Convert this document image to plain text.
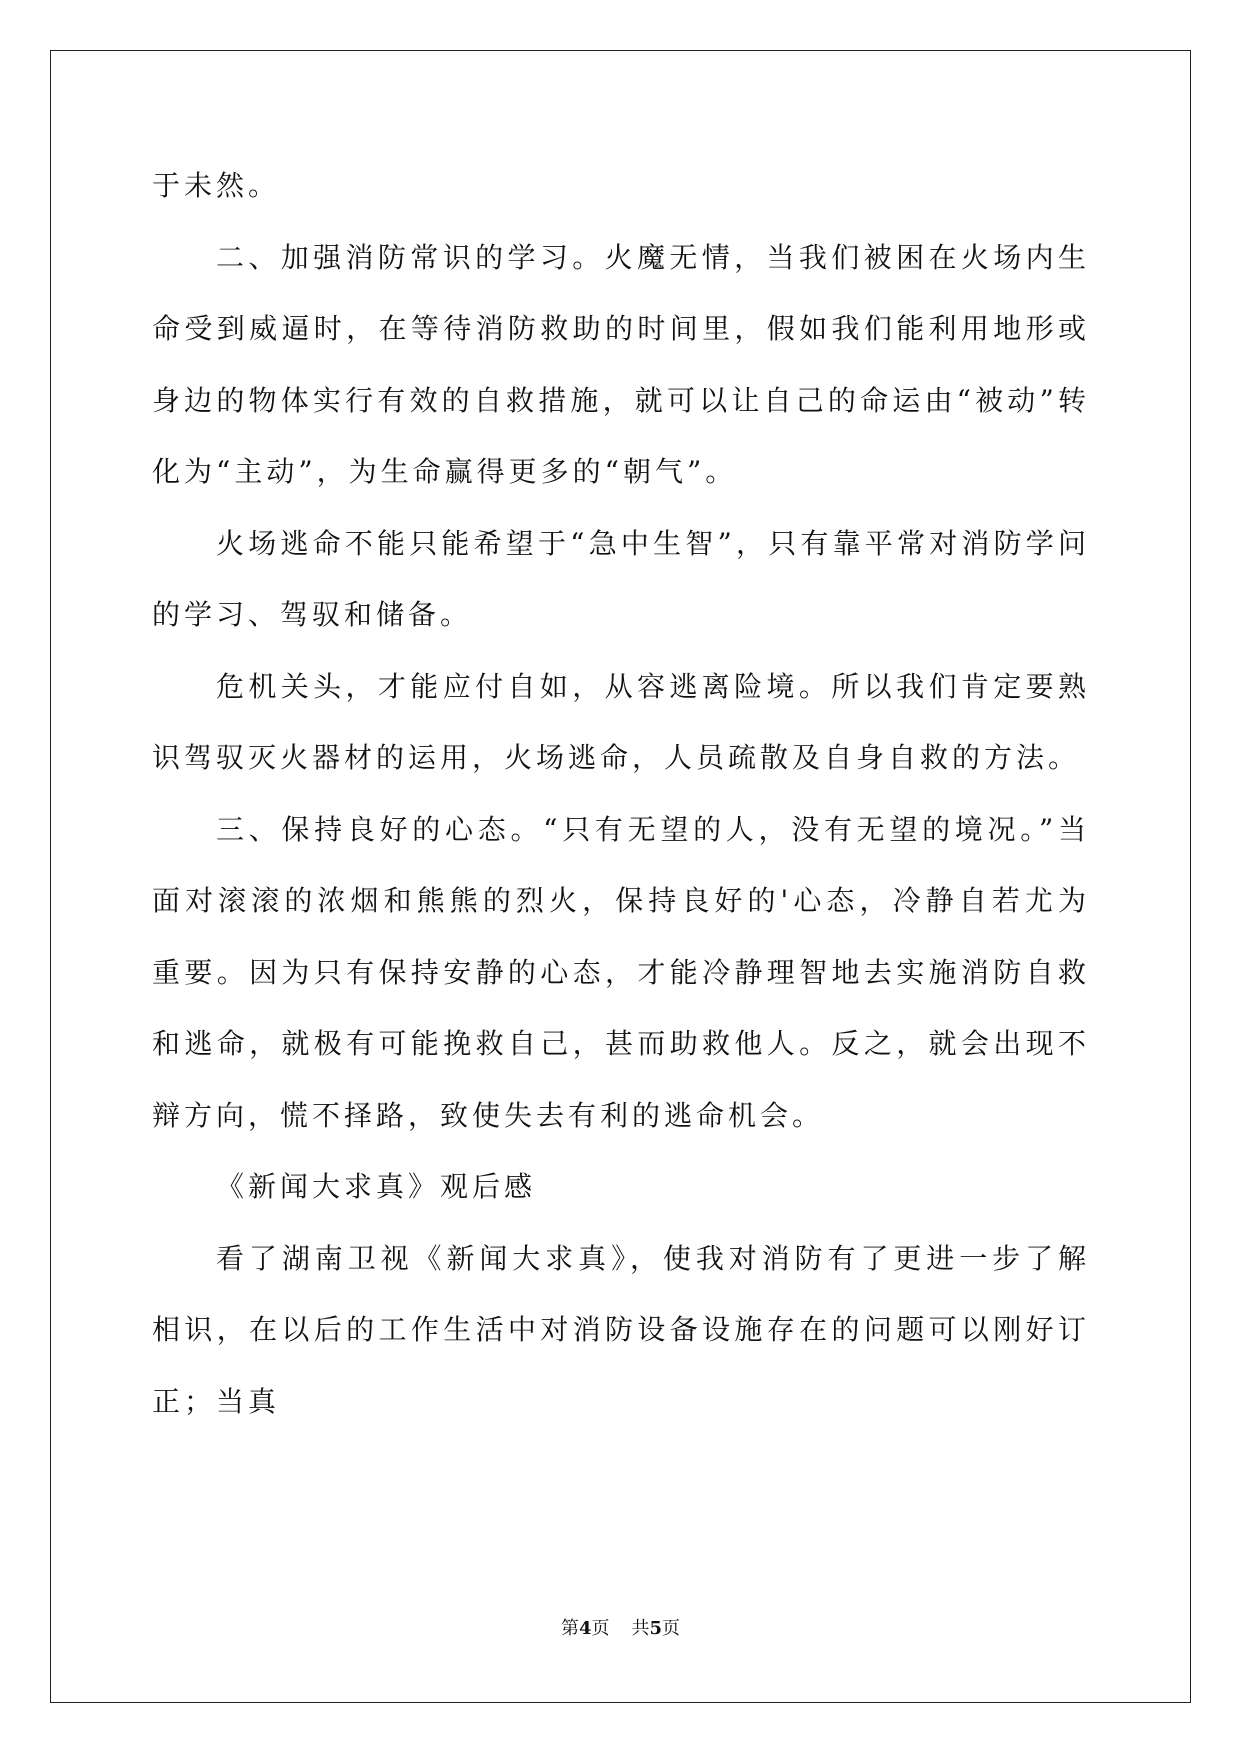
于未然。

二、加强消防常识的学习。火魔无情，当我们被困在火场内生命受到威逼时，在等待消防救助的时间里，假如我们能利用地形或身边的物体实行有效的自救措施，就可以让自己的命运由“被动”转化为“主动”，为生命赢得更多的“朝气”。

火场逃命不能只能希望于“急中生智”，只有靠平常对消防学问的学习、驾驭和储备。

危机关头，才能应付自如，从容逃离险境。所以我们肯定要熟识驾驭灭火器材的运用，火场逃命，人员疏散及自身自救的方法。

三、保持良好的心态。“只有无望的人，没有无望的境况。”当面对滚滚的浓烟和熊熊的烈火，保持良好的'心态，冷静自若尤为重要。因为只有保持安静的心态，才能冷静理智地去实施消防自救和逃命，就极有可能挽救自己，甚而助救他人。反之，就会出现不辩方向，慌不择路，致使失去有利的逃命机会。

《新闻大求真》观后感

看了湖南卫视《新闻大求真》，使我对消防有了更进一步了解相识，在以后的工作生活中对消防设备设施存在的问题可以刚好订正；当真

第4页 共5页
